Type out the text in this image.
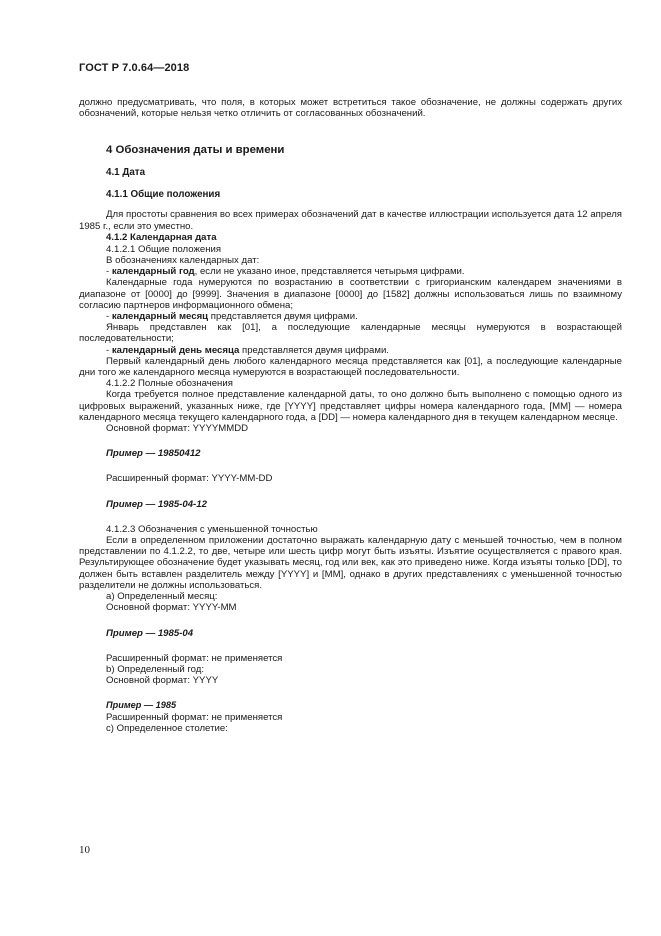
ГОСТ Р 7.0.64—2018

должно предусматривать, что поля, в которых может встретиться такое обозначение, не должны содержать других обозначений, которые нельзя четко отличить от согласованных обозначений.

4 Обозначения даты и времени

4.1 Дата

4.1.1 Общие положения

Для простоты сравнения во всех примерах обозначений дат в качестве иллюстрации используется дата 12 апреля 1985 г., если это уместно.

4.1.2 Календарная дата

4.1.2.1 Общие положения

В обозначениях календарных дат:

- календарный год, если не указано иное, представляется четырьмя цифрами.

Календарные года нумеруются по возрастанию в соответствии с григорианским календарем значениями в диапазоне от [0000] до [9999]. Значения в диапазоне [0000] до [1582] должны использоваться лишь по взаимному согласию партнеров информационного обмена;

- календарный месяц представляется двумя цифрами.

Январь представлен как [01], а последующие календарные месяцы нумеруются в возрастающей последовательности;

- календарный день месяца представляется двумя цифрами.

Первый календарный день любого календарного месяца представляется как [01], а последующие календарные дни того же календарного месяца нумеруются в возрастающей последовательности.

4.1.2.2 Полные обозначения

Когда требуется полное представление календарной даты, то оно должно быть выполнено с помощью одного из цифровых выражений, указанных ниже, где [YYYY] представляет цифры номера календарного года, [MM] — номера календарного месяца текущего календарного года, а [DD] — номера календарного дня в текущем календарном месяце.

Основной формат: YYYYMMDD

Пример — 19850412

Расширенный формат: YYYY-MM-DD

Пример — 1985-04-12

4.1.2.3 Обозначения с уменьшенной точностью

Если в определенном приложении достаточно выражать календарную дату с меньшей точностью, чем в полном представлении по 4.1.2.2, то две, четыре или шесть цифр могут быть изъяты. Изъятие осуществляется с правого края. Результирующее обозначение будет указывать месяц, год или век, как это приведено ниже. Когда изъяты только [DD], то должен быть вставлен разделитель между [YYYY] и [MM], однако в других представлениях с уменьшенной точностью разделители не должны использоваться.

а) Определенный месяц:

Основной формат: YYYY-MM

Пример — 1985-04

Расширенный формат: не применяется

b) Определенный год:

Основной формат: YYYY

Пример — 1985

Расширенный формат: не применяется

с) Определенное столетие:

10
